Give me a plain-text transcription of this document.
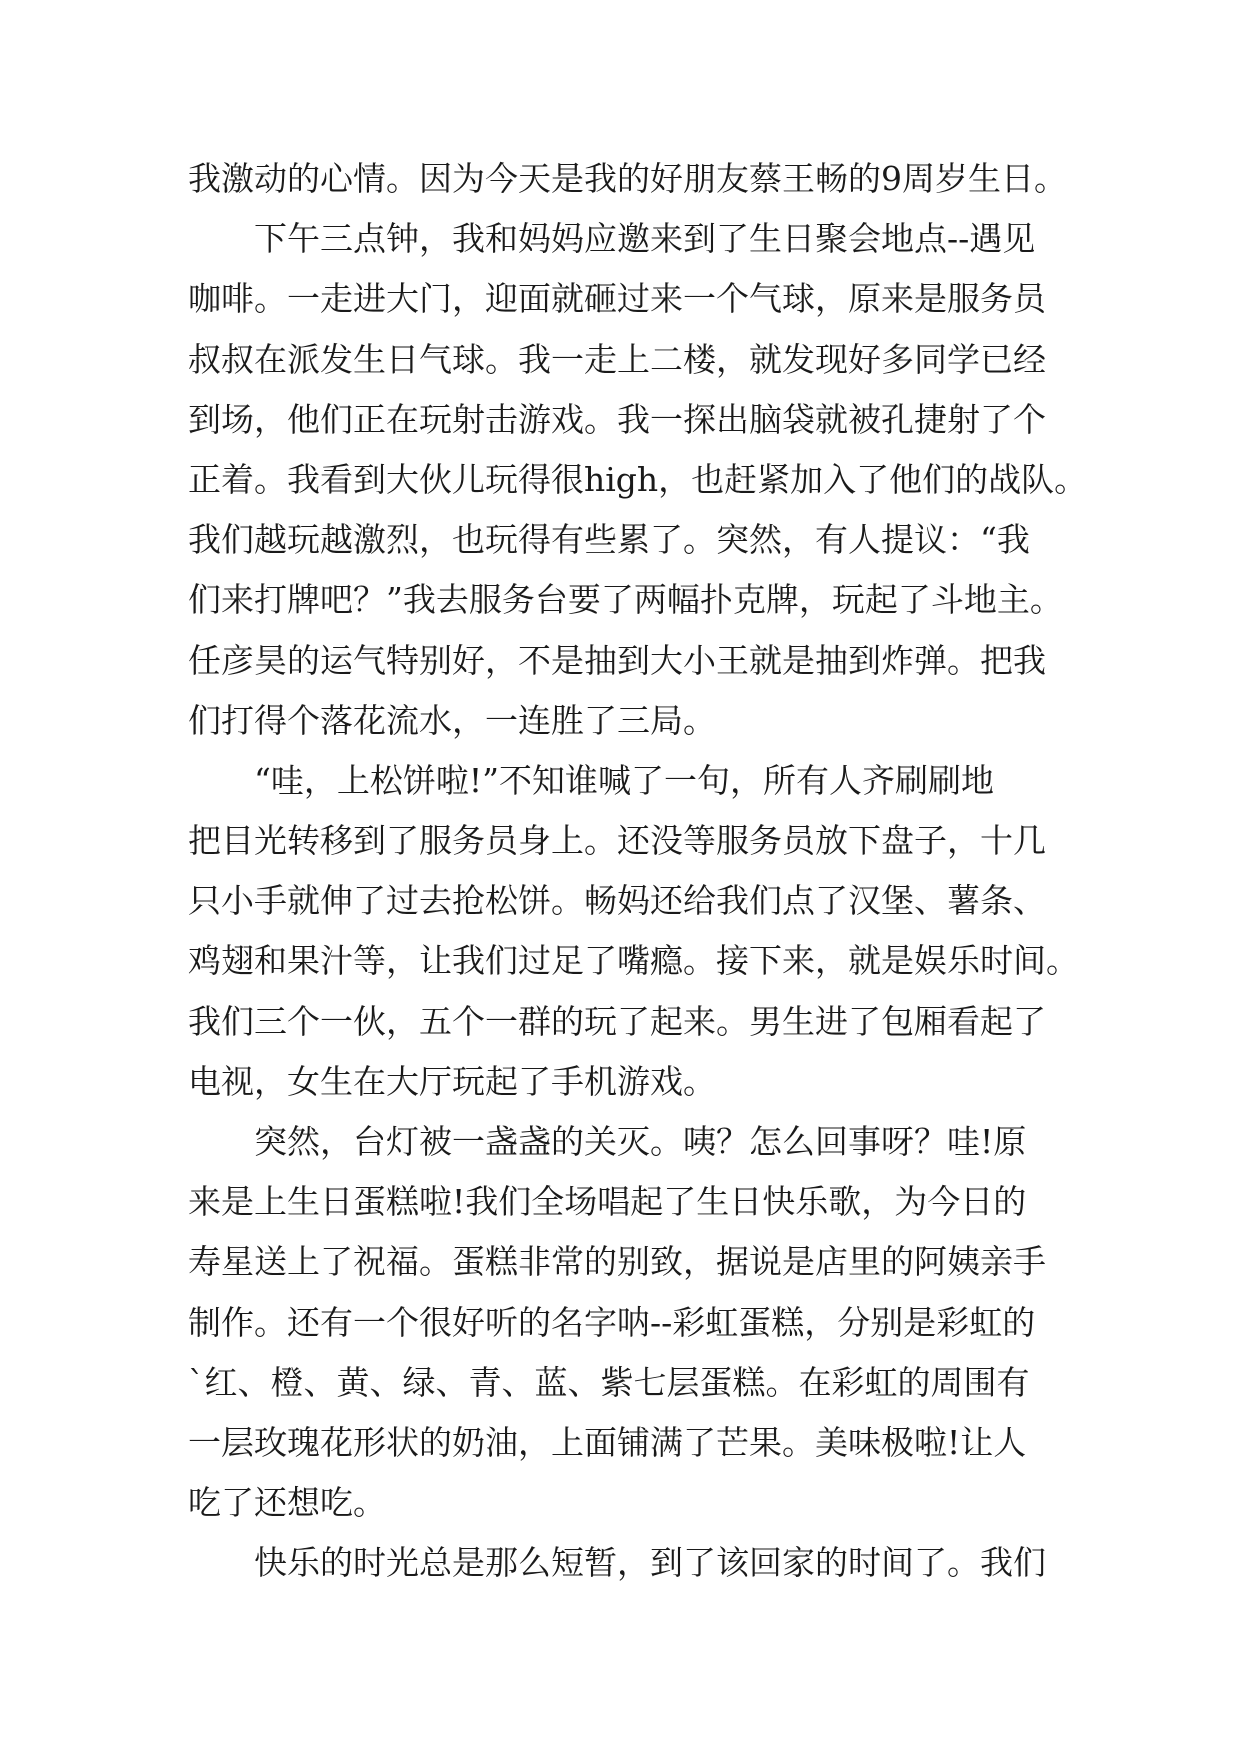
我激动的心情。因为今天是我的好朋友蔡王畅的9周岁生日。
　　下午三点钟，我和妈妈应邀来到了生日聚会地点--遇见
咖啡。一走进大门，迎面就砸过来一个气球，原来是服务员
叔叔在派发生日气球。我一走上二楼，就发现好多同学已经
到场，他们正在玩射击游戏。我一探出脑袋就被孔捷射了个
正着。我看到大伙儿玩得很high，也赶紧加入了他们的战队。
我们越玩越激烈，也玩得有些累了。突然，有人提议：“我
们来打牌吧？”我去服务台要了两幅扑克牌，玩起了斗地主。
任彦昊的运气特别好，不是抽到大小王就是抽到炸弹。把我
们打得个落花流水，一连胜了三局。
　　“哇，上松饼啦!”不知谁喊了一句，所有人齐刷刷地
把目光转移到了服务员身上。还没等服务员放下盘子，十几
只小手就伸了过去抢松饼。畅妈还给我们点了汉堡、薯条、
鸡翅和果汁等，让我们过足了嘴瘾。接下来，就是娱乐时间。
我们三个一伙，五个一群的玩了起来。男生进了包厢看起了
电视，女生在大厅玩起了手机游戏。
　　突然，台灯被一盏盏的关灭。咦？怎么回事呀？哇!原
来是上生日蛋糕啦!我们全场唱起了生日快乐歌，为今日的
寿星送上了祝福。蛋糕非常的别致，据说是店里的阿姨亲手
制作。还有一个很好听的名字呐--彩虹蛋糕，分别是彩虹的
`红、橙、黄、绿、青、蓝、紫七层蛋糕。在彩虹的周围有
一层玫瑰花形状的奶油，上面铺满了芒果。美味极啦!让人
吃了还想吃。
　　快乐的时光总是那么短暂，到了该回家的时间了。我们
